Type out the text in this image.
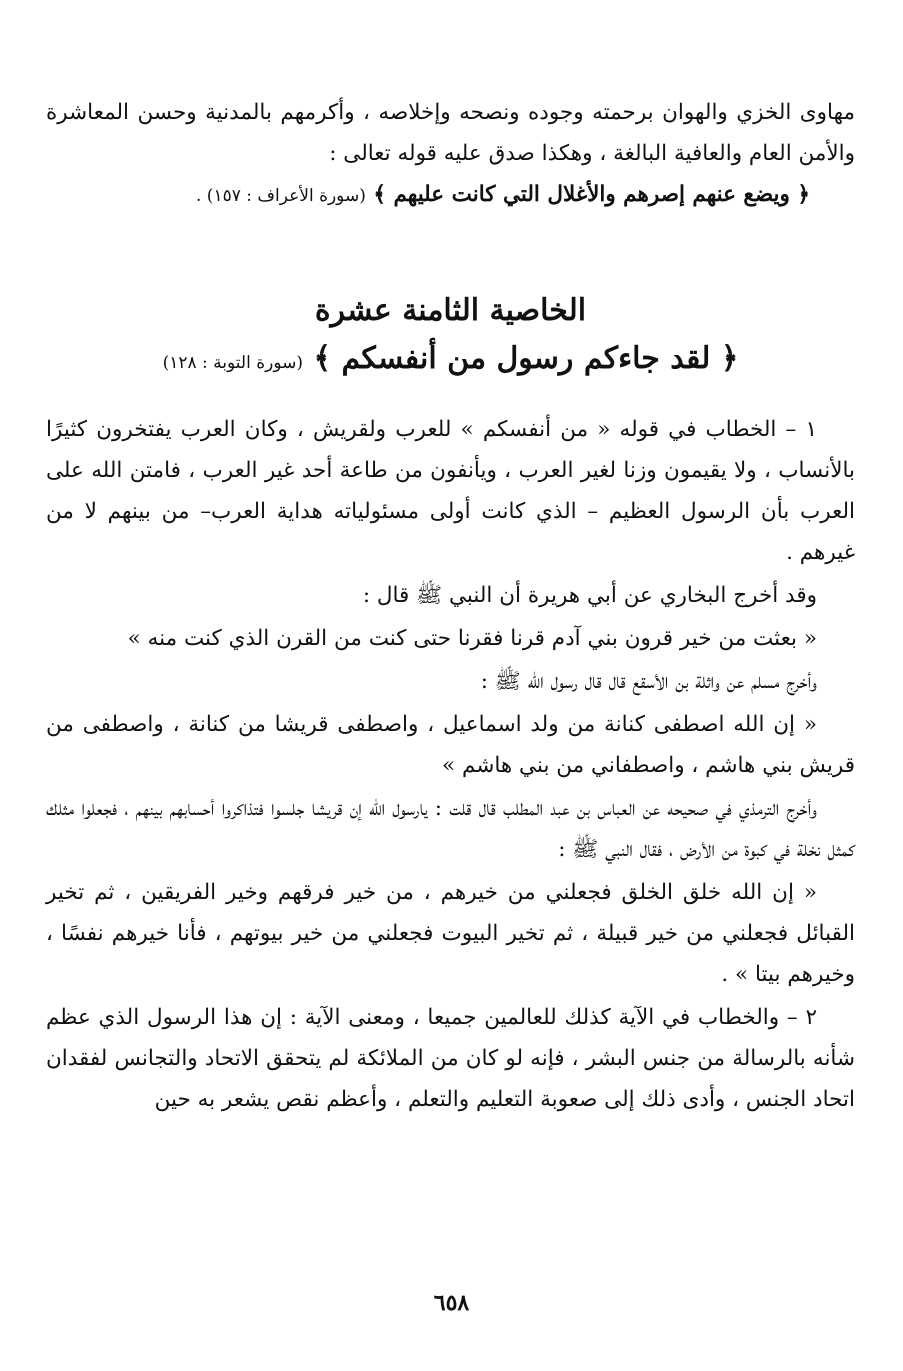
مهاوى الخزي والهوان برحمته وجوده ونصحه وإخلاصه ، وأكرمهم بالمدنية وحسن المعاشرة والأمن العام والعافية البالغة ، وهكذا صدق عليه قوله تعالى :

﴿ ويضع عنهم إصرهم والأغلال التي كانت عليهم ﴾ (سورة الأعراف : ١٥٧) .

الخاصية الثامنة عشرة
﴿ لقد جاءكم رسول من أنفسكم ﴾ (سورة التوبة : ١٢٨)

١ – الخطاب في قوله « من أنفسكم » للعرب ولقريش ، وكان العرب يفتخرون كثيرًا بالأنساب ، ولا يقيمون وزنا لغير العرب ، ويأنفون من طاعة أحد غير العرب ، فامتن الله على العرب بأن الرسول العظيم – الذي كانت أولى مسئولياته هداية العرب– من بينهم لا من غيرهم .

وقد أخرج البخاري عن أبي هريرة أن النبي ﷺ قال :

« بعثت من خير قرون بني آدم قرنا فقرنا حتى كنت من القرن الذي كنت منه »

وأخرج مسلم عن واثلة بن الأسقع قال قال رسول الله ﷺ :

« إن الله اصطفى كنانة من ولد اسماعيل ، واصطفى قريشا من كنانة ، واصطفى من قريش بني هاشم ، واصطفاني من بني هاشم »

وأخرج الترمذي في صحيحه عن العباس بن عبد المطلب قال قلت : يارسول الله إن قريشا جلسوا فتذاكروا أحسابهم بينهم ، فجعلوا مثلك كمثل نخلة في كبوة من الأرض ، فقال النبي ﷺ :

« إن الله خلق الخلق فجعلني من خيرهم ، من خير فرقهم وخير الفريقين ، ثم تخير القبائل فجعلني من خير قبيلة ، ثم تخير البيوت فجعلني من خير بيوتهم ، فأنا خيرهم نفسًا ، وخيرهم بيتا » .

٢ – والخطاب في الآية كذلك للعالمين جميعا ، ومعنى الآية : إن هذا الرسول الذي عظم شأنه بالرسالة من جنس البشر ، فإنه لو كان من الملائكة لم يتحقق الاتحاد والتجانس لفقدان اتحاد الجنس ، وأدى ذلك إلى صعوبة التعليم والتعلم ، وأعظم نقص يشعر به حين

٦٥٨
